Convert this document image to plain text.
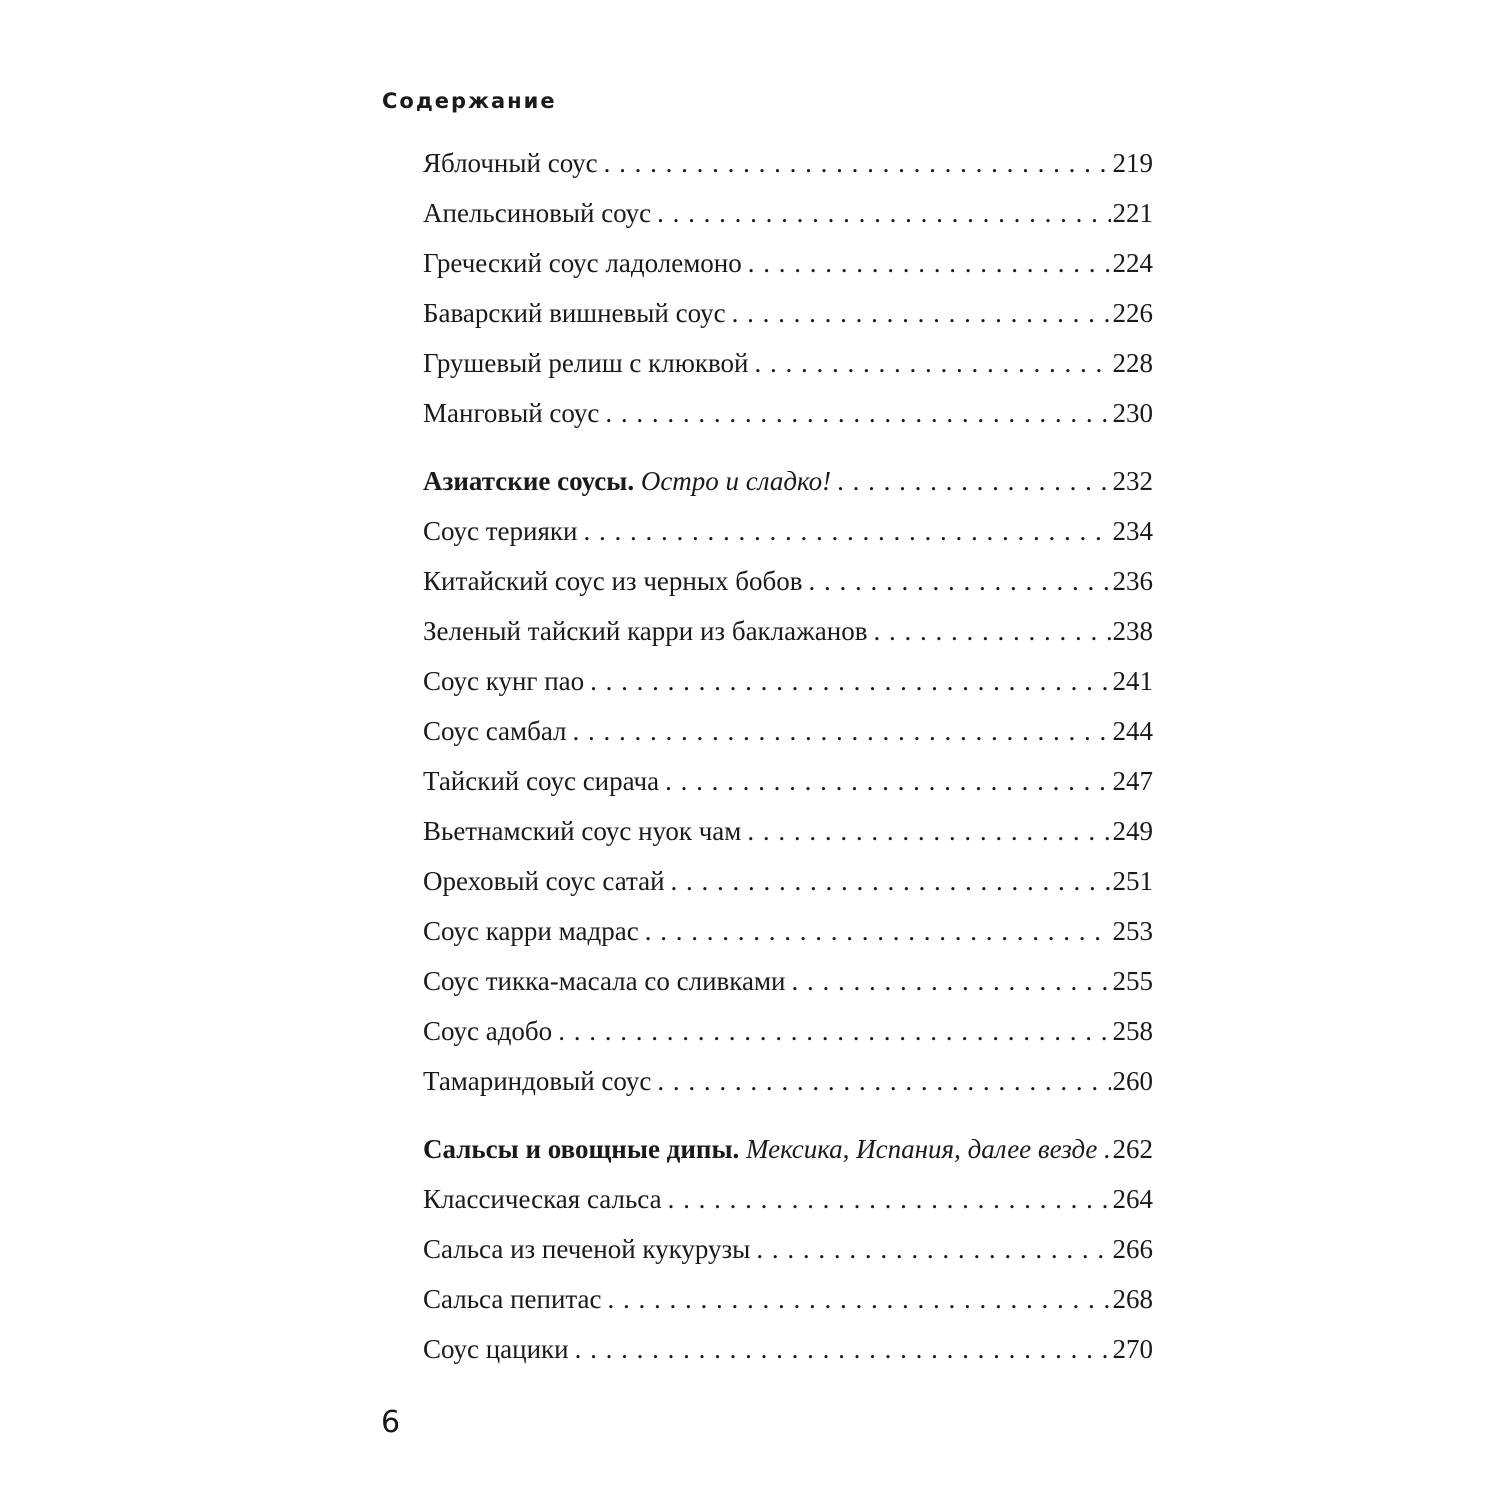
Содержание
Яблочный соус . . .	219
Апельсиновый соус . . .	221
Греческий соус ладолемоно . . .	224
Баварский вишневый соус . . .	226
Грушевый релиш с клюквой . . .	228
Манговый соус . . .	230
Азиатские соусы. Остро и сладко! . . .	232
Соус терияки . . .	234
Китайский соус из черных бобов . . .	236
Зеленый тайский карри из баклажанов . . .	238
Соус кунг пао . . .	241
Соус самбал . . .	244
Тайский соус сирача . . .	247
Вьетнамский соус нуок чам . . .	249
Ореховый соус сатай . . .	251
Соус карри мадрас . . .	253
Соус тикка-масала со сливками . . .	255
Соус адобо . . .	258
Тамариндовый соус . . .	260
Сальсы и овощные дипы. Мексика, Испания, далее везде . . . 262
Классическая сальса . . .	264
Сальса из печеной кукурузы . . .	266
Сальса пепитас . . .	268
Соус цацики . . .	270
6
